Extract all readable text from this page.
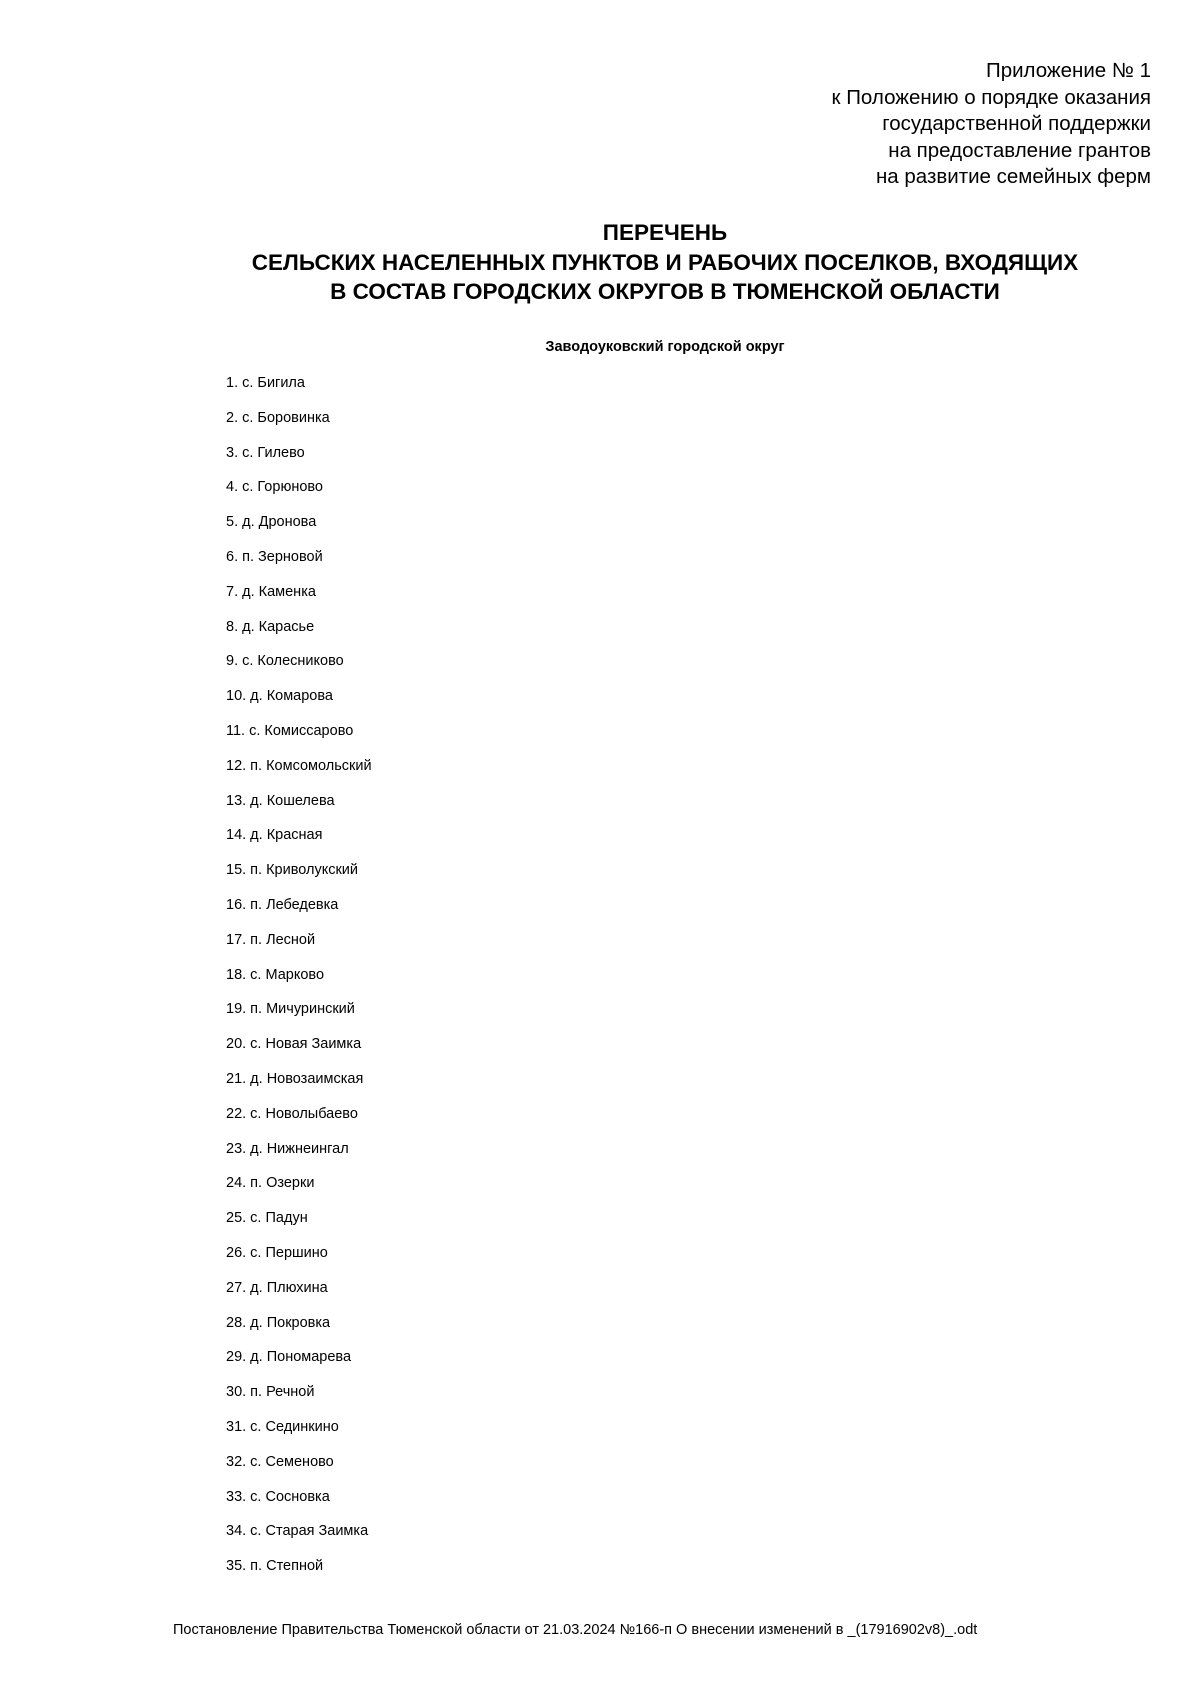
Приложение № 1
к Положению о порядке оказания
государственной поддержки
на предоставление грантов
на развитие семейных ферм
ПЕРЕЧЕНЬ
СЕЛЬСКИХ НАСЕЛЕННЫХ ПУНКТОВ И РАБОЧИХ ПОСЕЛКОВ, ВХОДЯЩИХ
В СОСТАВ ГОРОДСКИХ ОКРУГОВ В ТЮМЕНСКОЙ ОБЛАСТИ
Заводоуковский городской округ
1. с. Бигила
2. с. Боровинка
3. с. Гилево
4. с. Горюново
5. д. Дронова
6. п. Зерновой
7. д. Каменка
8. д. Карасье
9. с. Колесниково
10. д. Комарова
11. с. Комиссарово
12. п. Комсомольский
13. д. Кошелева
14. д. Красная
15. п. Криволукский
16. п. Лебедевка
17. п. Лесной
18. с. Марково
19. п. Мичуринский
20. с. Новая Заимка
21. д. Новозаимская
22. с. Новолыбаево
23. д. Нижнеингал
24. п. Озерки
25. с. Падун
26. с. Першино
27. д. Плюхина
28. д. Покровка
29. д. Пономарева
30. п. Речной
31. с. Сединкино
32. с. Семеново
33. с. Сосновка
34. с. Старая Заимка
35. п. Степной
Постановление Правительства Тюменской области от 21.03.2024 №166-п О внесении изменений в _(17916902v8)_.odt
